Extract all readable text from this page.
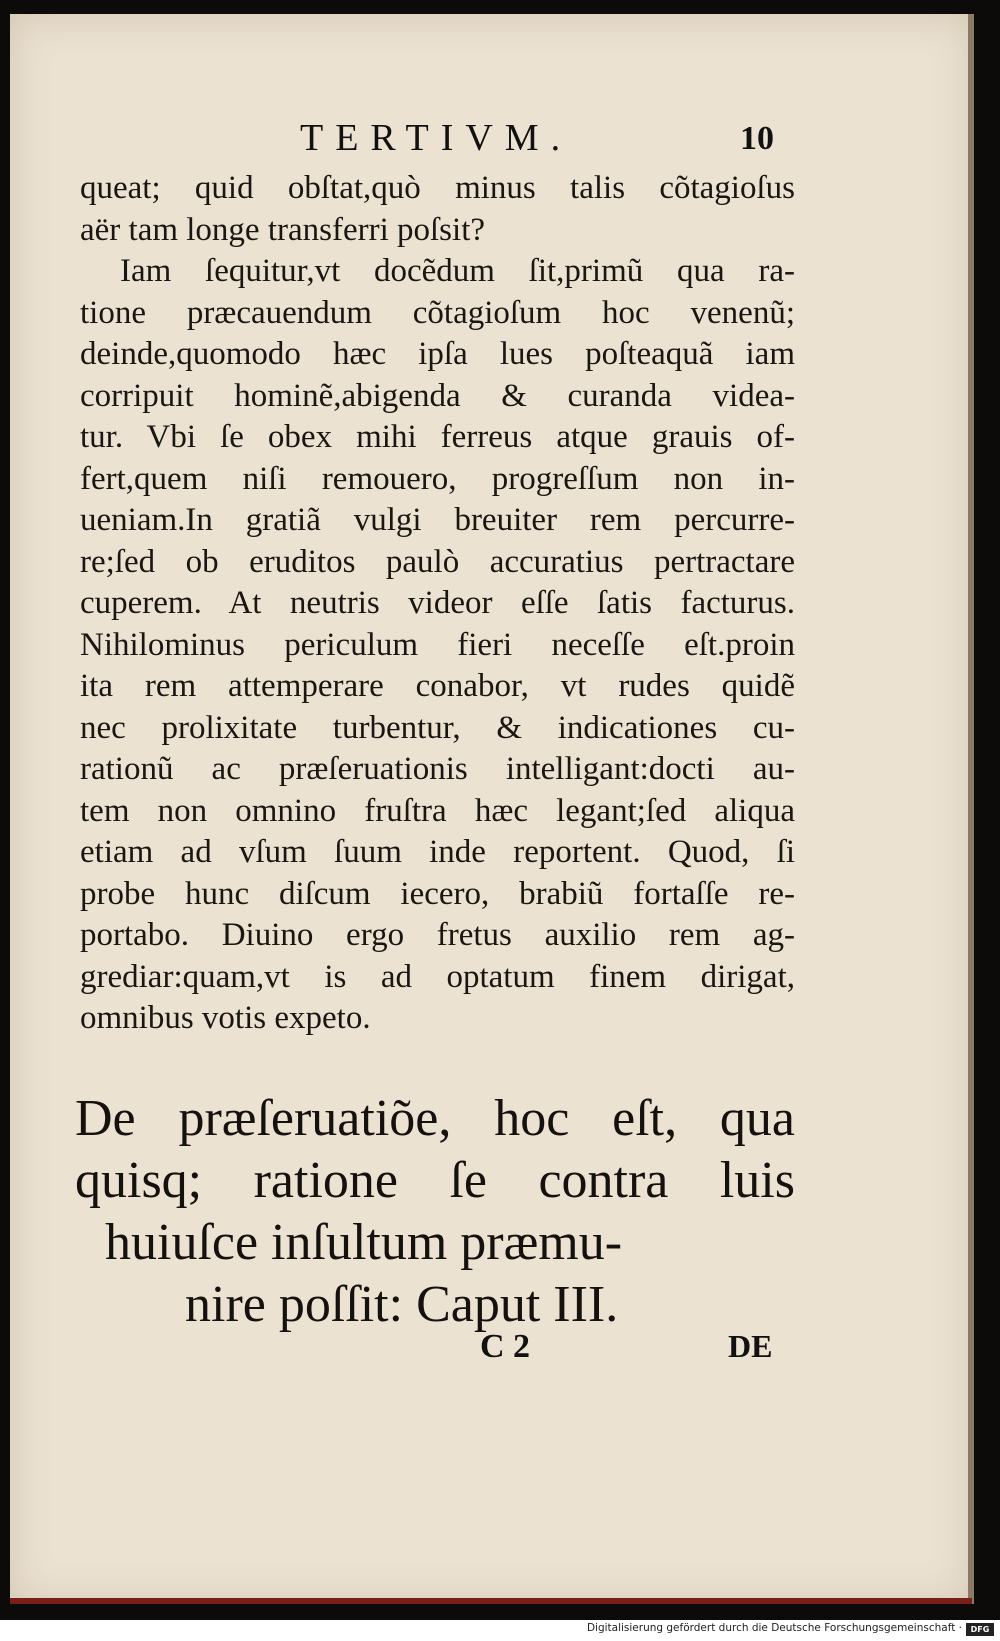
TERTIVM.	10
queat; quid obſtat,quò minus talis cõtagioſus
aër tam longe transferri poſsit?
Iam ſequitur,vt docẽdum ſit,primũ qua ra-
tione præcauendum cõtagioſum hoc venenũ;
deinde,quomodo hæc ipſa lues poſteaquã iam
corripuit hominẽ,abigenda & curanda videa-
tur. Vbi ſe obex mihi ferreus atque grauis of-
fert,quem niſi remouero, progreſſum non in-
ueniam.In gratiã vulgi breuiter rem percurre-
re;ſed ob eruditos paulò accuratius pertractare
cuperem. At neutris videor eſſe ſatis facturus.
Nihilominus periculum fieri neceſſe eſt.proin
ita rem attemperare conabor, vt rudes quidẽ
nec prolixitate turbentur, & indicationes cu-
rationũ ac præſeruationis intelligant:docti au-
tem non omnino fruſtra hæc legant;ſed aliqua
etiam ad vſum ſuum inde reportent. Quod, ſi
probe hunc diſcum iecero, brabiũ fortaſſe re-
portabo. Diuino ergo fretus auxilio rem ag-
grediar:quam,vt is ad optatum finem dirigat,
omnibus votis expeto.
De præſeruatiõe, hoc eſt, qua
quisq; ratione ſe contra luis
huiuſce inſultum præmu-
nire poſſit: Caput III.
C 2	DE
Digitalisierung gefördert durch die Deutsche Forschungsgemeinschaft ·	DFG
